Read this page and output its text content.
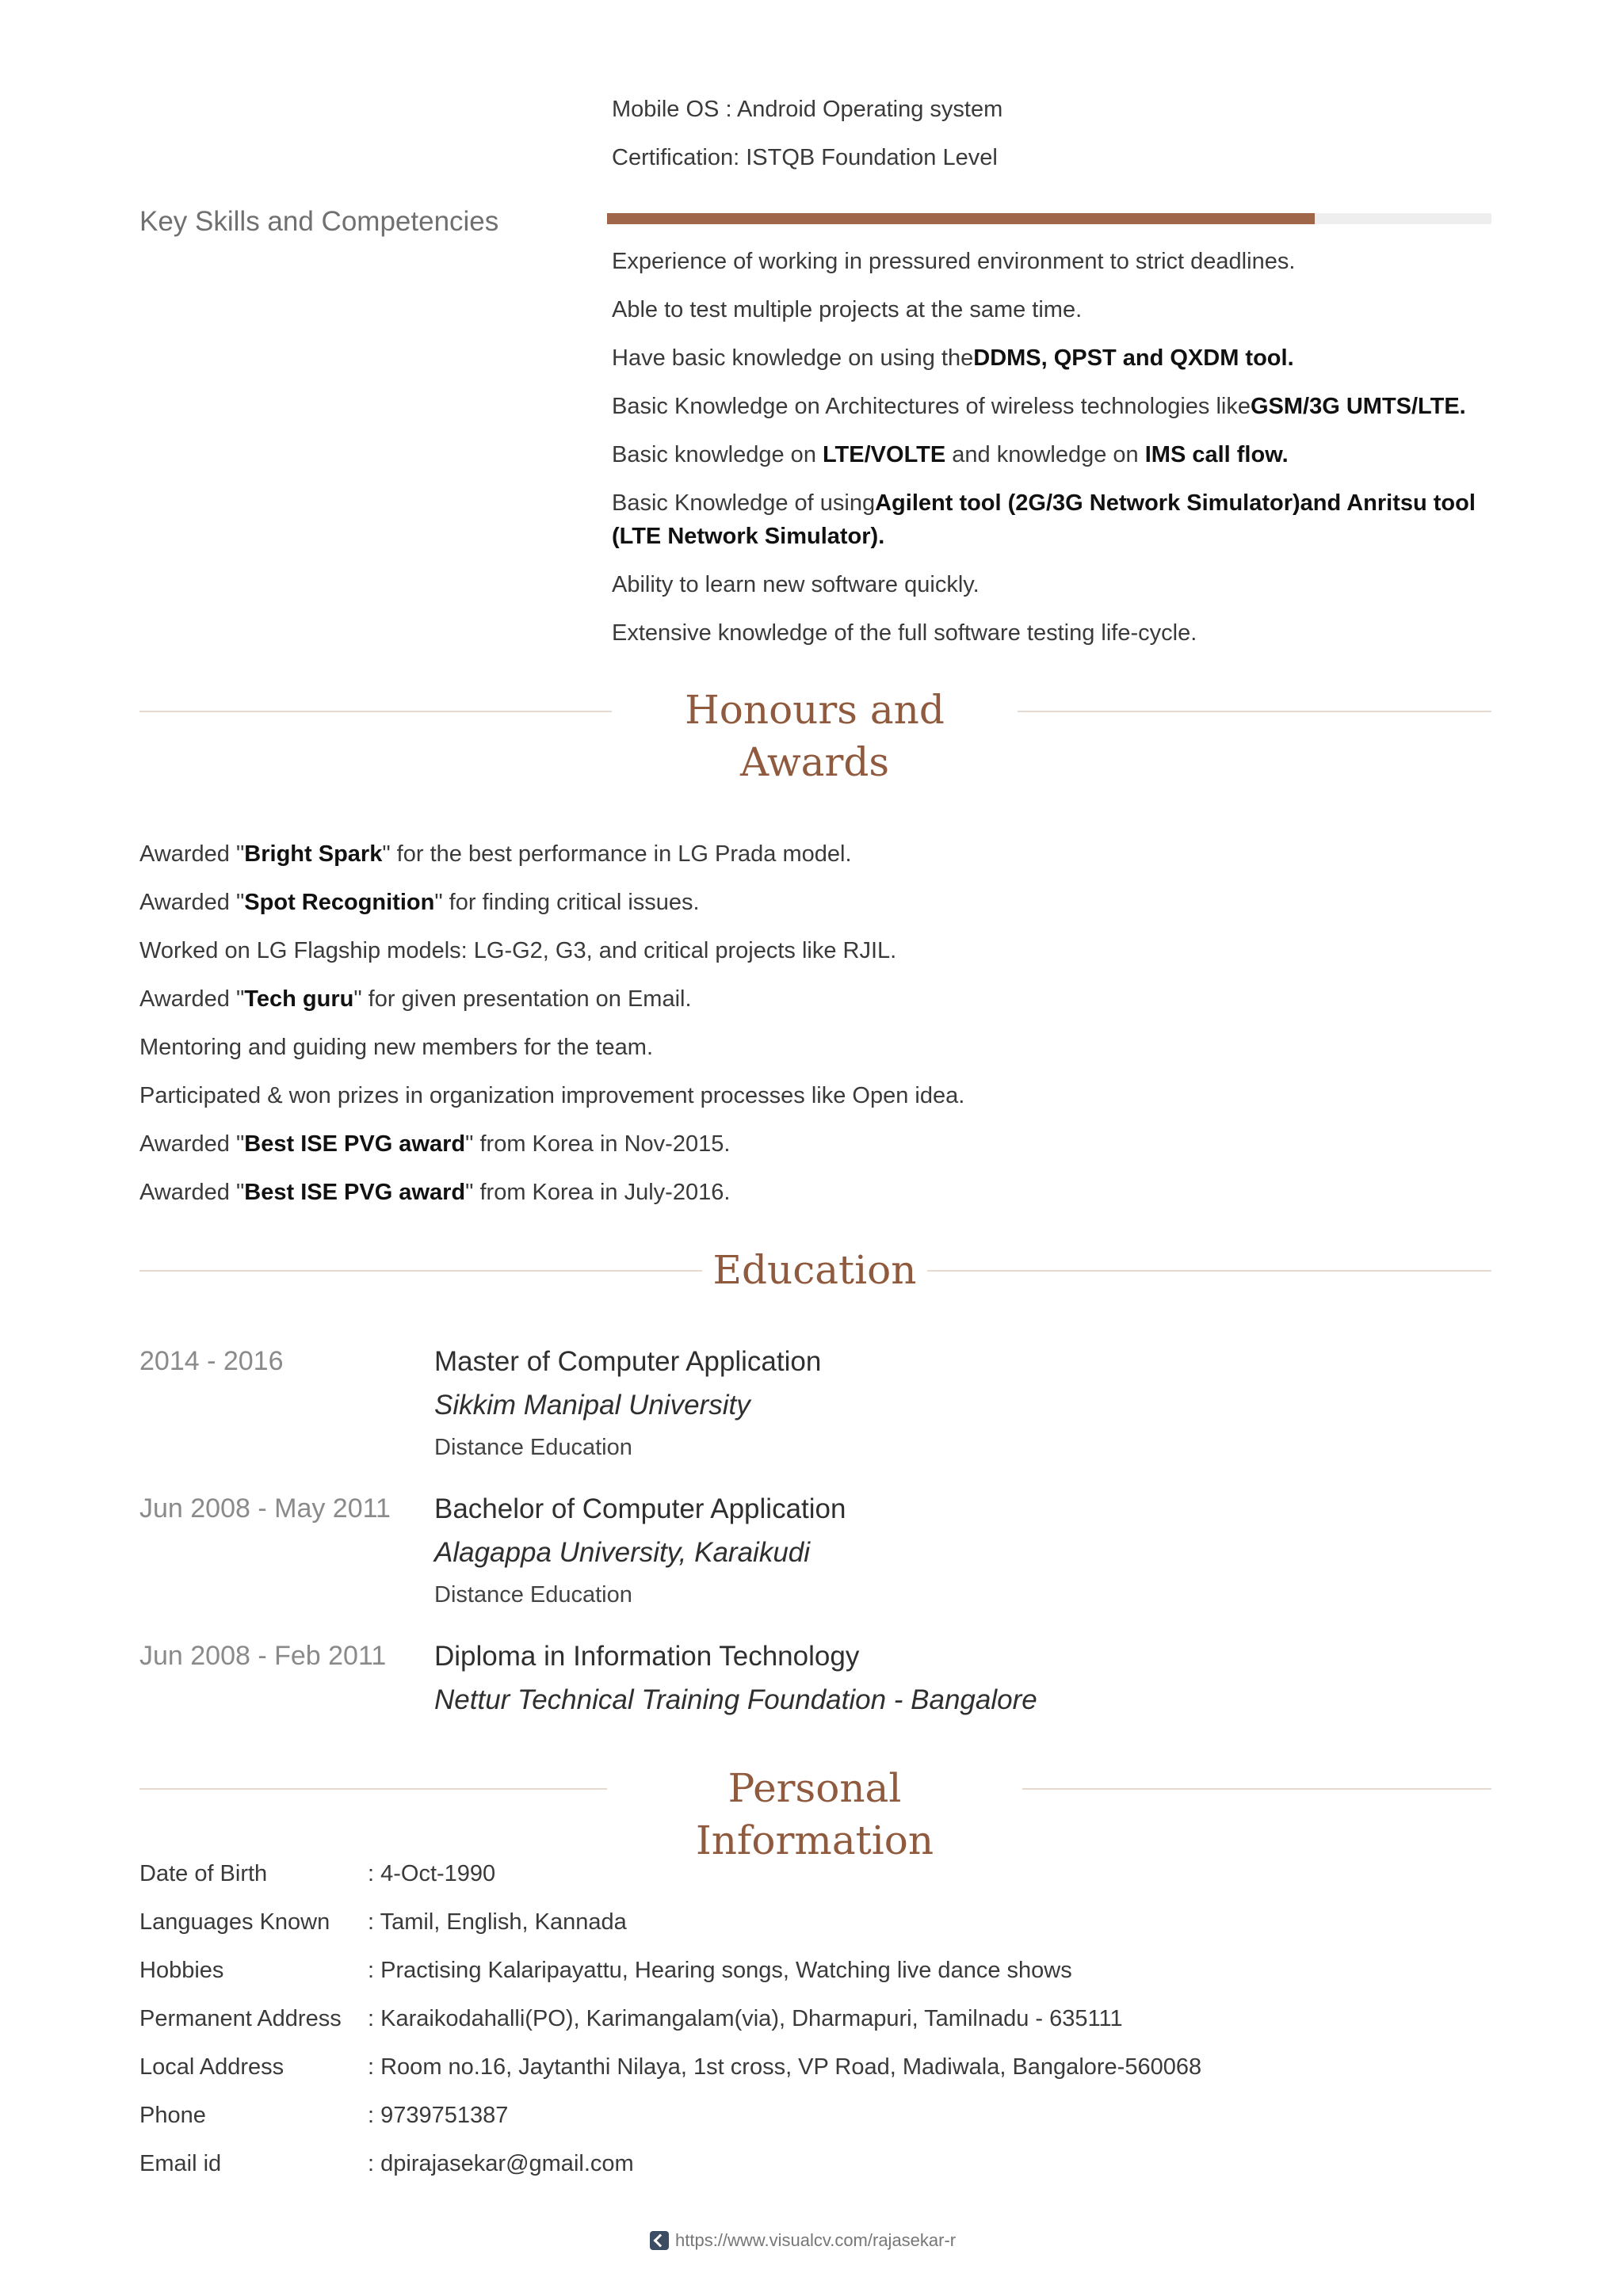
Mobile OS : Android Operating system
Certification: ISTQB Foundation Level
Key Skills and Competencies
Experience of working in pressured environment to strict deadlines.
Able to test multiple projects at the same time.
Have basic knowledge on using theDDMS, QPST and QXDM tool.
Basic Knowledge on Architectures of wireless technologies likeGSM/3G UMTS/LTE.
Basic knowledge on LTE/VOLTE and knowledge on IMS call flow.
Basic Knowledge of usingAgilent tool (2G/3G Network Simulator)and Anritsu tool
(LTE Network Simulator).
Ability to learn new software quickly.
Extensive knowledge of the full software testing life-cycle.
Honours and
Awards
Awarded "Bright Spark" for the best performance in LG Prada model.
Awarded "Spot Recognition" for finding critical issues.
Worked on LG Flagship models: LG-G2, G3, and critical projects like RJIL.
Awarded "Tech guru" for given presentation on Email.
Mentoring and guiding new members for the team.
Participated & won prizes in organization improvement processes like Open idea.
Awarded "Best ISE PVG award" from Korea in Nov-2015.
Awarded "Best ISE PVG award" from Korea in July-2016.
Education
2014 - 2016	Master of Computer Application
Sikkim Manipal University
Distance Education
Jun 2008 - May 2011 Bachelor of Computer Application
Alagappa University, Karaikudi
Distance Education
Jun 2008 - Feb 2011 Diploma in Information Technology
Nettur Technical Training Foundation - Bangalore
Personal Information
Date of Birth	: 4-Oct-1990
Languages Known : Tamil, English, Kannada
Hobbies	: Practising Kalaripayattu, Hearing songs, Watching live dance shows
Permanent Address : Karaikodahalli(PO), Karimangalam(via), Dharmapuri, Tamilnadu - 635111
Local Address	: Room no.16, Jaytanthi Nilaya, 1st cross, VP Road, Madiwala, Bangalore-560068
Phone	: 9739751387
Email id	: dpirajasekar@gmail.com
https://www.visualcv.com/rajasekar-r
